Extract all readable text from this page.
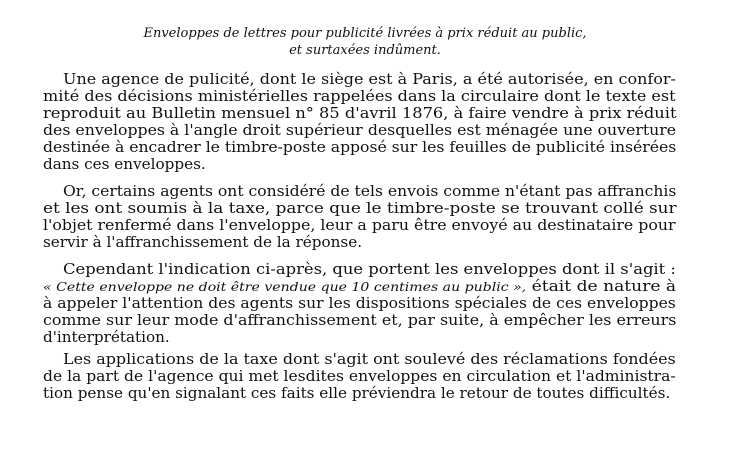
Enveloppes de lettres pour publicité livrées à prix réduit au public,
et surtaxées indûment.
Une agence de pulicité, dont le siège est à Paris, a été autorisée, en confor-
mité des décisions ministérielles rappelées dans la circulaire dont le texte est
reproduit au Bulletin mensuel n° 85 d'avril 1876, à faire vendre à prix réduit
des enveloppes à l'angle droit supérieur desquelles est ménagée une ouverture
destinée à encadrer le timbre-poste apposé sur les feuilles de publicité insérées
dans ces enveloppes.
Or, certains agents ont considéré de tels envois comme n'étant pas affranchis
et les ont soumis à la taxe, parce que le timbre-poste se trouvant collé sur
l'objet renfermé dans l'enveloppe, leur a paru être envoyé au destinataire pour
servir à l'affranchissement de la réponse.
Cependant l'indication ci-après, que portent les enveloppes dont il s'agit :
« Cette enveloppe ne doit être vendue que 10 centimes au public », était de nature à
à appeler l'attention des agents sur les dispositions spéciales de ces enveloppes
comme sur leur mode d'affranchissement et, par suite, à empêcher les erreurs
d'interprétation.
Les applications de la taxe dont s'agit ont soulevé des réclamations fondées
de la part de l'agence qui met lesdites enveloppes en circulation et l'administra-
tion pense qu'en signalant ces faits elle préviendra le retour de toutes difficultés.
